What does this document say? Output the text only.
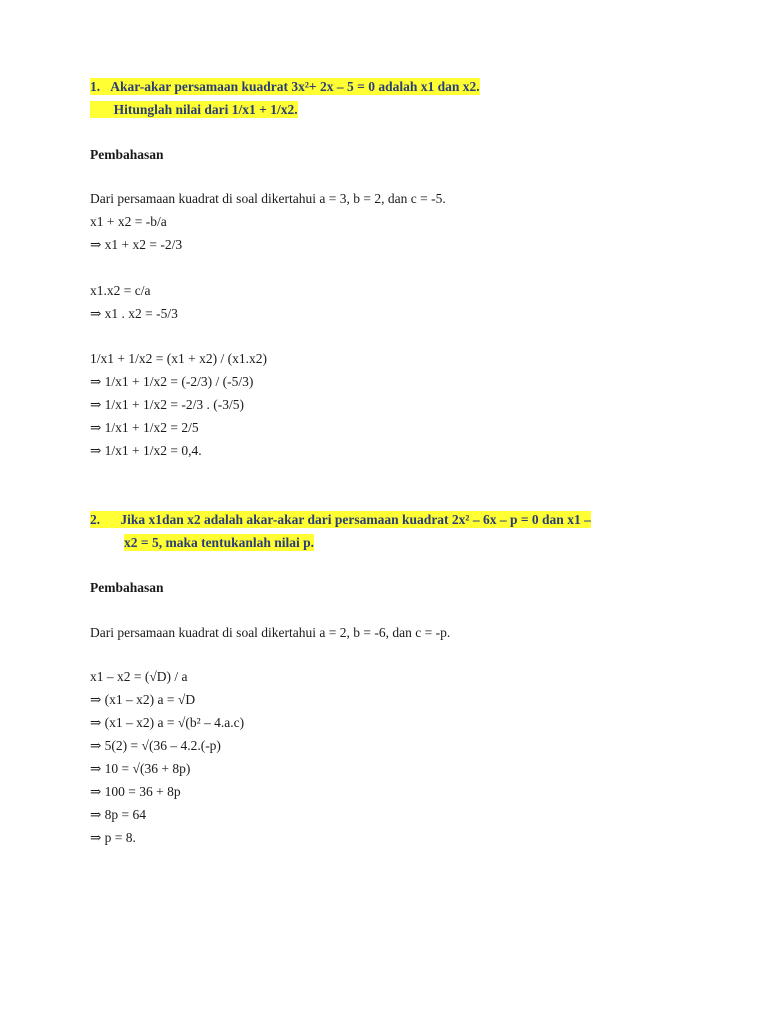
1. Akar-akar persamaan kuadrat 3x²+ 2x – 5 = 0 adalah x1 dan x2.
Hitunglah nilai dari 1/x1 + 1/x2.
Pembahasan
Dari persamaan kuadrat di soal dikertahui a = 3, b = 2, dan c = -5.
x1 + x2 = -b/a
⇒ x1 + x2 = -2/3
x1.x2 = c/a
⇒ x1 . x2 = -5/3
1/x1 + 1/x2 = (x1 + x2) / (x1.x2)
⇒ 1/x1 + 1/x2 = (-2/3) / (-5/3)
⇒ 1/x1 + 1/x2 = -2/3 . (-3/5)
⇒ 1/x1 + 1/x2 = 2/5
⇒ 1/x1 + 1/x2 = 0,4.
2. Jika x1dan x2 adalah akar-akar dari persamaan kuadrat 2x² – 6x – p = 0 dan x1 –
x2 = 5, maka tentukanlah nilai p.
Pembahasan
Dari persamaan kuadrat di soal dikertahui a = 2, b = -6, dan c = -p.
x1 – x2 = (√D) / a
⇒ (x1 – x2) a = √D
⇒ (x1 – x2) a = √(b² – 4.a.c)
⇒ 5(2) = √(36 – 4.2.(-p)
⇒ 10 = √(36 + 8p)
⇒ 100 = 36 + 8p
⇒ 8p = 64
⇒ p = 8.
